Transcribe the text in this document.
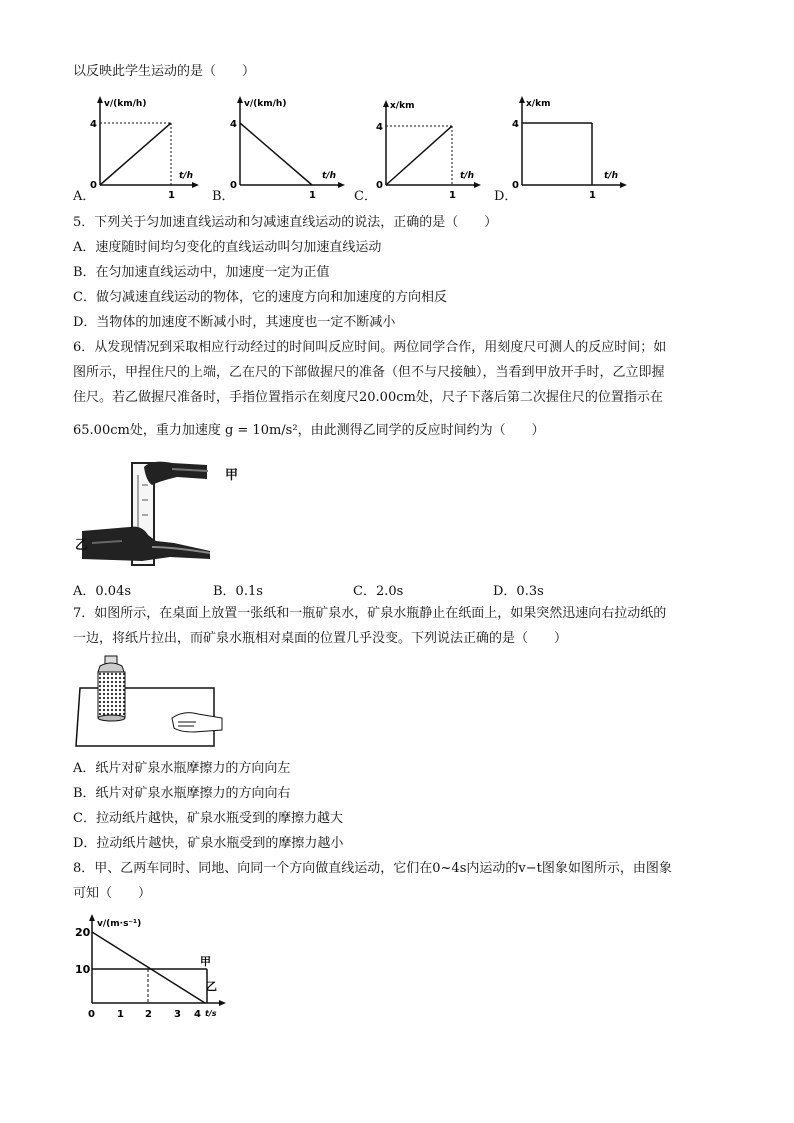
以反映此学生运动的是（　　）
A．
v/(km/h)
4
0
1
t/h
B．
v/(km/h)
4
0
1
t/h
C．
x/km
4
0
1
t/h
D．
x/km
4
0
1
t/h
5．下列关于匀加速直线运动和匀减速直线运动的说法，正确的是（　　）
A．速度随时间均匀变化的直线运动叫匀加速直线运动
B．在匀加速直线运动中，加速度一定为正值
C．做匀减速直线运动的物体，它的速度方向和加速度的方向相反
D．当物体的加速度不断减小时，其速度也一定不断减小
6．从发现情况到采取相应行动经过的时间叫反应时间。两位同学合作，用刻度尺可测人的反应时间；如
图所示，甲捏住尺的上端，乙在尺的下部做握尺的准备（但不与尺接触），当看到甲放开手时，乙立即握
住尺。若乙做握尺准备时，手指位置指示在刻度尺20.00cm处，尺子下落后第二次握住尺的位置指示在
65.00cm处，重力加速度 g = 10m/s²，由此测得乙同学的反应时间约为（　　）
甲
乙
A．0.04s	B．0.1s	C．2.0s	D．0.3s
7．如图所示，在桌面上放置一张纸和一瓶矿泉水，矿泉水瓶静止在纸面上，如果突然迅速向右拉动纸的
一边，将纸片拉出，而矿泉水瓶相对桌面的位置几乎没变。下列说法正确的是（　　）
A．纸片对矿泉水瓶摩擦力的方向向左
B．纸片对矿泉水瓶摩擦力的方向向右
C．拉动纸片越快，矿泉水瓶受到的摩擦力越大
D．拉动纸片越快，矿泉水瓶受到的摩擦力越小
8．甲、乙两车同时、同地、向同一个方向做直线运动，它们在0~4s内运动的v−t图象如图所示，由图象
可知（　　）
v/(m·s⁻¹)
20
10
0 1 2 3 4 t/s
甲
乙
